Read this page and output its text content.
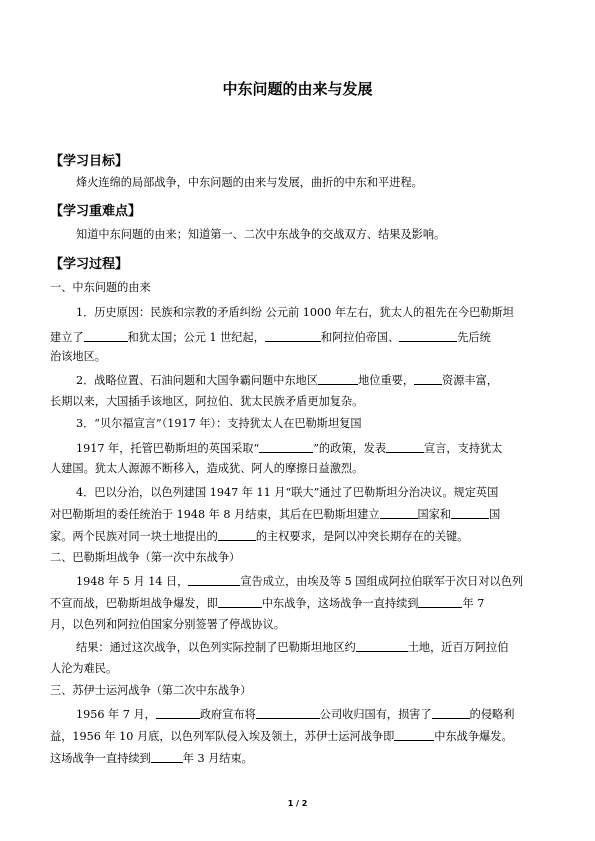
中东问题的由来与发展
【学习目标】
烽火连绵的局部战争，中东问题的由来与发展，曲折的中东和平进程。
【学习重难点】
知道中东问题的由来；知道第一、二次中东战争的交战双方、结果及影响。
【学习过程】
一、中东问题的由来
1．历史原因：民族和宗教的矛盾纠纷 公元前 1000 年左右，犹太人的祖先在今巴勒斯坦
建立了	和犹太国；公元 1 世纪起，	和阿拉伯帝国、	先后统
治该地区。
2．战略位置、石油问题和大国争霸问题中东地区	地位重要，	资源丰富，
长期以来，大国插手该地区，阿拉伯、犹太民族矛盾更加复杂。
3．“贝尔福宣言”（1917 年）：支持犹太人在巴勒斯坦复国
1917 年，托管巴勒斯坦的英国采取“	”的政策，发表	宣言，支持犹太
人建国。犹太人源源不断移入，造成犹、阿人的摩擦日益激烈。
4．巴以分治，以色列建国 1947 年 11 月“联大”通过了巴勒斯坦分治决议。规定英国
对巴勒斯坦的委任统治于 1948 年 8 月结束，其后在巴勒斯坦建立	国家和	国
家。两个民族对同一块土地提出的	的主权要求，是阿以冲突长期存在的关键。
二、巴勒斯坦战争（第一次中东战争）
1948 年 5 月 14 日，	宣告成立，由埃及等 5 国组成阿拉伯联军于次日对以色列
不宣而战，巴勒斯坦战争爆发，即	中东战争，这场战争一直持续到	年 7
月，以色列和阿拉伯国家分别签署了停战协议。
结果：通过这次战争，以色列实际控制了巴勒斯坦地区约	土地，近百万阿拉伯
人沦为难民。
三、苏伊士运河战争（第二次中东战争）
1956 年 7 月，	政府宣布将	公司收归国有，损害了	的侵略利
益，1956 年 10 月底，以色列军队侵入埃及领土，苏伊士运河战争即	中东战争爆发。
这场战争一直持续到	年 3 月结束。
1 / 2
